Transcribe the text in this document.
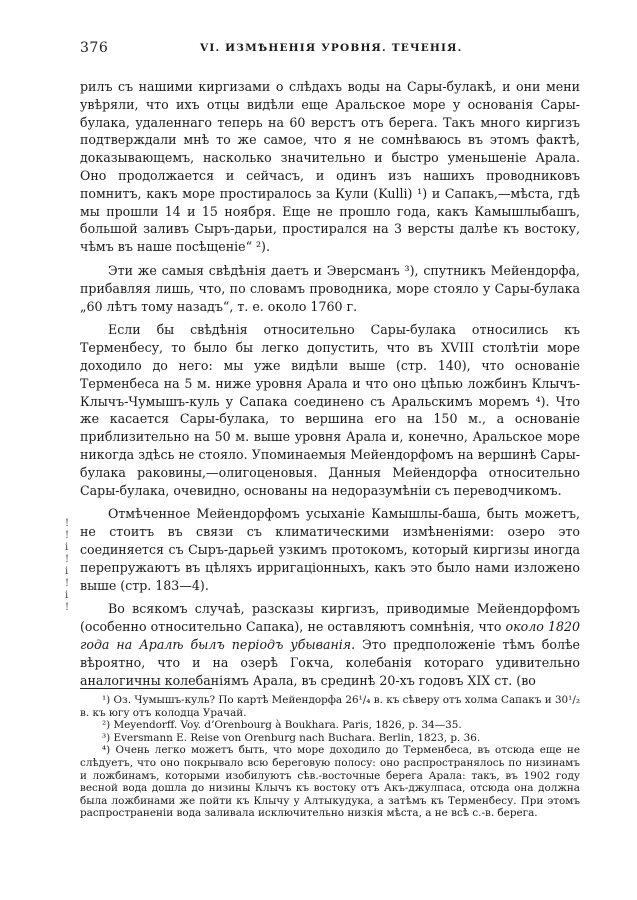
376	VI. ИЗМѢНЕНІЯ УРОВНЯ. ТЕЧЕНІЯ.
!
!
i
!
i
!
i
!

рилъ съ нашими киргизами о слѣдахъ воды на Сары-булакѣ, и они мени увѣряли, что ихъ отцы видѣли еще Аральское море у основанія Сары-булака, удаленнаго теперь на 60 верстъ отъ берега. Такъ много киргизъ подтверждали мнѣ то же самое, что я не сомнѣваюсь въ этомъ фактѣ, доказывающемъ, насколько значительно и быстро уменьшеніе Арала. Оно продолжается и сейчасъ, и одинъ изъ нашихъ проводниковъ помнитъ, какъ море простиралось за Кули (Kulli) ¹) и Сапакъ,—мѣста, гдѣ мы прошли 14 и 15 ноября. Еще не прошло года, какъ Камышлыбашъ, большой заливъ Сыръ-дарьи, простирался на 3 версты далѣе къ востоку, чѣмъ въ наше посѣщеніе“ ²).

Эти же самыя свѣдѣнія даетъ и Эверсманъ ³), спутникъ Мейендорфа, прибавляя лишь, что, по словамъ проводника, море стояло у Сары-булака „60 лѣтъ тому назадъ“, т. е. около 1760 г.

Если бы свѣдѣнія относительно Сары-булака относились къ Терменбесу, то было бы легко допустить, что въ XVIII столѣтіи море доходило до него: мы уже видѣли выше (стр. 140), что основаніе Терменбеса на 5 м. ниже уровня Арала и что оно цѣпью ложбинъ Клычъ-Клычъ-Чумышъ-куль у Сапака соединено съ Аральскимъ моремъ ⁴). Что же касается Сары-булака, то вершина его на 150 м., а основаніе приблизительно на 50 м. выше уровня Арала и, конечно, Аральское море никогда здѣсь не стояло. Упоминаемыя Мейендорфомъ на вершинѣ Сары-булака раковины,—олигоценовыя. Данныя Мейендорфа относительно Сары-булака, очевидно, основаны на недоразумѣніи съ переводчикомъ.

Отмѣченное Мейендорфомъ усыханіе Камышлы-баша, быть можетъ, не стоитъ въ связи съ климатическими измѣненіями: озеро это соединяется съ Сыръ-дарьей узкимъ протокомъ, который киргизы иногда перепружаютъ въ цѣляхъ ирригаціонныхъ, какъ это было нами изложено выше (стр. 183—4).

Во всякомъ случаѣ, разсказы киргизъ, приводимые Мейендорфомъ (особенно относительно Сапака), не оставляютъ сомнѣнія, что около 1820 года на Аралѣ былъ періодъ убыванія. Это предположеніе тѣмъ болѣе вѣроятно, что и на озерѣ Гокча, колебанія котораго удивительно аналогичны колебаніямъ Арала, въ срединѣ 20-хъ годовъ XIX ст. (во

¹) Оз. Чумышъ-куль? По картѣ Мейендорфа 26¹/₄ в. къ сѣверу отъ холма Сапакъ и 30¹/₂ в. къ югу отъ колодца Урачай.

²) Meyendorff. Voy. d’Orenbourg à Boukhara. Paris, 1826, p. 34—35.

³) Eversmann E. Reise von Orenburg nach Buchara. Berlin, 1823, p. 36.

⁴) Очень легко можетъ быть, что море доходило до Терменбеса, въ отсюда еще не слѣдуетъ, что оно покрывало всю береговую полосу: оно распространялось по низинамъ и ложбинамъ, которыми изобилуютъ сѣв.-восточные берега Арала: такъ, въ 1902 году весной вода дошла до низины Клычъ къ востоку отъ Акъ-джулпаса, отсюда она должна была ложбинами же пойти къ Клычу у Алтыкудука, а затѣмъ къ Терменбесу. При этомъ распространеніи вода заливала исключительно низкія мѣста, а не всѣ с.-в. берега.
